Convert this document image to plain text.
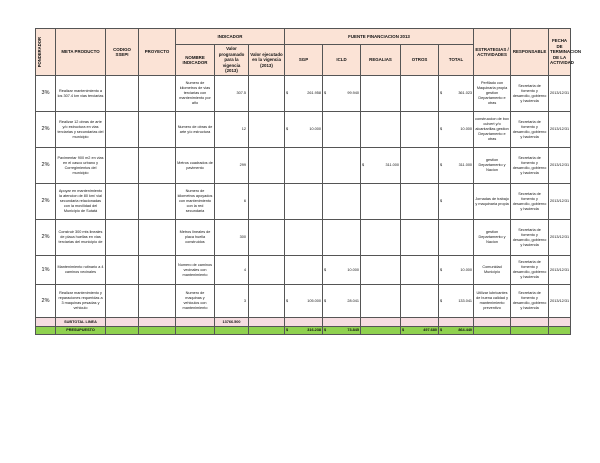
PONDERADOR	META PRODUCTO	CODIGO SSEPI	PROYECTO	INDICADOR			FUENTE FINANCIACION 2013					ESTRATEGIAS / ACTIVIDADES	RESPONSABLE	FECHA DE TERMINACION DE LA ACTIVIDAD
				NOMBRE INDICADOR	Valor programado para la vigencia (2013)	Valor ejecutado en la vigencia (2013)	SGP	ICLD	REGALIAS	OTROS	TOTAL			
3%	Realizar mantenimiento a los 307.4 km vias terciarias			Numero de kilometros de vias terciarias con mantenimiento por año	307.5		$ 261.958	$ 99.940			$ 361.023	Perfilado con Maquinaria propia gestion Departamento e otras	Secretaria de fomento y desarrollo, gobierno y hacienda	2013/12/31
2%	Realizar 12 obras de arte y/o estructura en vias terciarias y secundarias del municipio			Numero de obras de arte y/o estructura	12		$ 10.000				$ 10.000	construccion de box culvert y/o alcantarillas gestion Departamento e otras	Secretaria de fomento y desarrollo, gobierno y hacienda	2013/12/31
2%	Pavimentar 900 m2 en vias en el casco urbano y Corregimientos del municipio			Metros cuadrados de pavimento	299				$ 311.000		$ 311.000	gestion Departamento y Nacion	Secretaria de fomento y desarrollo, gobierno y hacienda	2013/12/31
2%	Apoyar en mantenimiento la atencion de 80 km/ vial secundaria relacionadas con la movilidad del Municipio de Sutatá			Numero de kilometros apoyados con mantenimiento con la red secundaria	6						$	Jornadas de trabajo y maquinaria propia	Secretaria de fomento y desarrollo, gobierno y hacienda	2013/12/31
2%	Construir 300 mts lineales de placa huellas en vias terciarias del municipio de			Metros lineales de placa huella construidos	300							gestion Departamento y Nacion	Secretaria de fomento y desarrollo, gobierno y hacienda	2013/12/31
1%	Mantenimiento rutinario a 4 caminos vecinales			Numero de caminos vecinales con mantenimiento	4			$ 10.000			$ 10.000	Comunidad Municipio	Secretaria de fomento y desarrollo, gobierno y hacienda	2013/12/31
2%	Realizar mantenimiento y reparaciones requeridas a 3 maquinas pesadas y vehiculo			Numero de maquinas y vehiculos con mantenimiento	3		$ 105.000	$ 28.041			$ 133.041	Utilizar lubricantes de buena calidad y mantenimiento preventivo	Secretaria de fomento y desarrollo, gobierno y hacienda	2013/12/31
	SUBTOTAL LINEA				13766.500									
	PRESUPUESTO						$ 316.238	$ 73.845		$ 497.680	$ 864.440			
